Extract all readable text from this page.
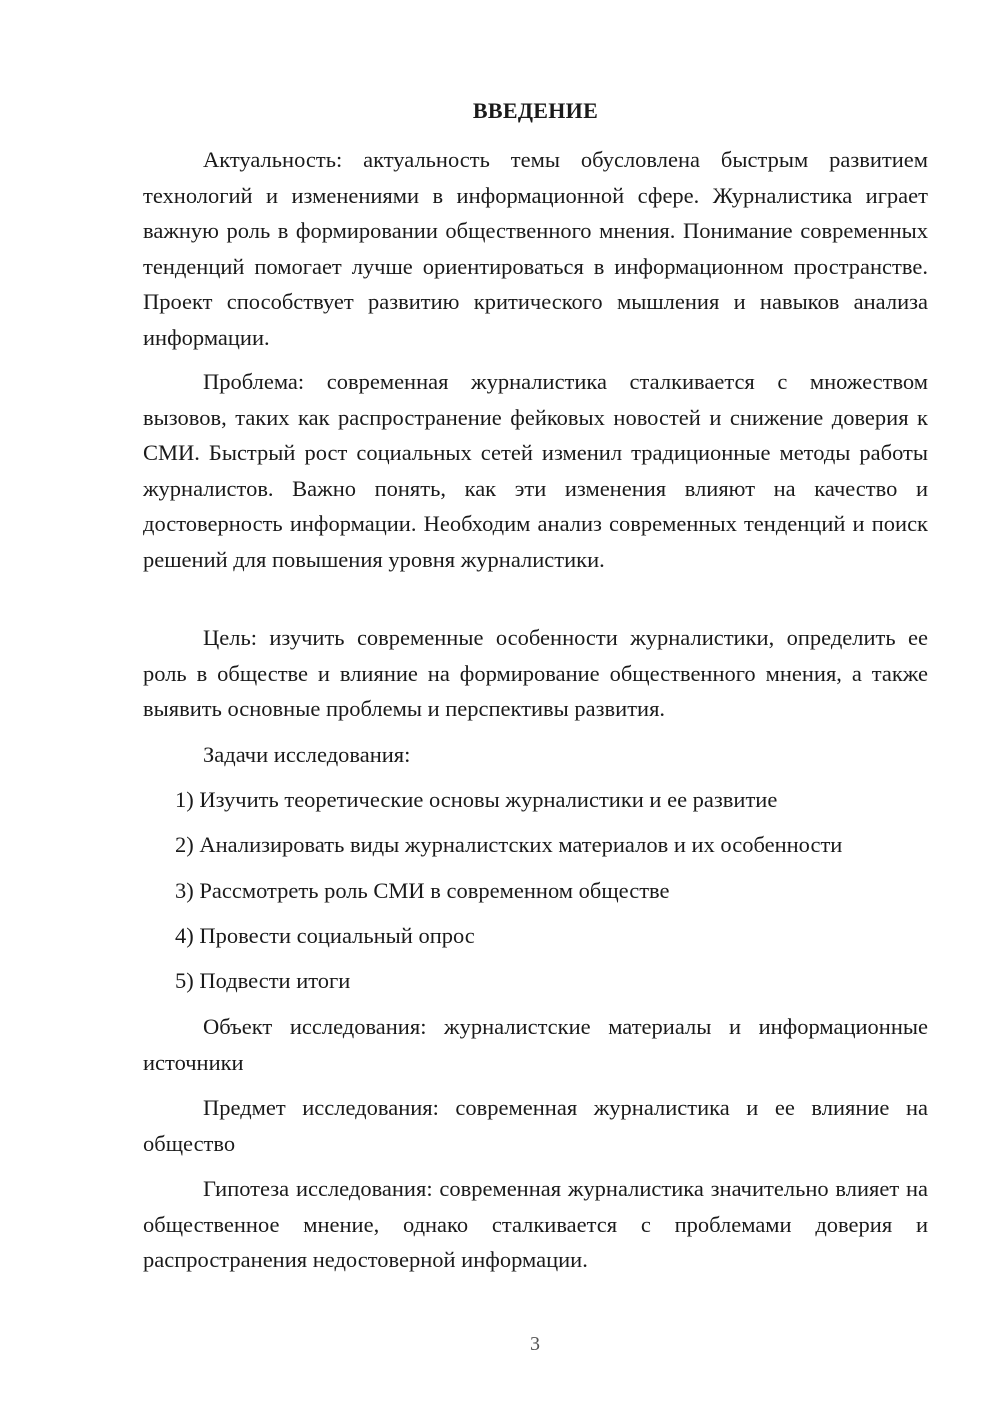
ВВЕДЕНИЕ

Актуальность: актуальность темы обусловлена быстрым развитием технологий и изменениями в информационной сфере. Журналистика играет важную роль в формировании общественного мнения. Понимание современных тенденций помогает лучше ориентироваться в информационном пространстве. Проект способствует развитию критического мышления и навыков анализа информации.

Проблема: современная журналистика сталкивается с множеством вызовов, таких как распространение фейковых новостей и снижение доверия к СМИ. Быстрый рост социальных сетей изменил традиционные методы работы журналистов. Важно понять, как эти изменения влияют на качество и достоверность информации. Необходим анализ современных тенденций и поиск решений для повышения уровня журналистики.

Цель: изучить современные особенности журналистики, определить ее роль в обществе и влияние на формирование общественного мнения, а также выявить основные проблемы и перспективы развития.

Задачи исследования:

1) Изучить теоретические основы журналистики и ее развитие
2) Анализировать виды журналистских материалов и их особенности
3) Рассмотреть роль СМИ в современном обществе
4) Провести социальный опрос
5) Подвести итоги

Объект исследования: журналистские материалы и информационные источники

Предмет исследования: современная журналистика и ее влияние на общество

Гипотеза исследования: современная журналистика значительно влияет на общественное мнение, однако сталкивается с проблемами доверия и распространения недостоверной информации.

3
